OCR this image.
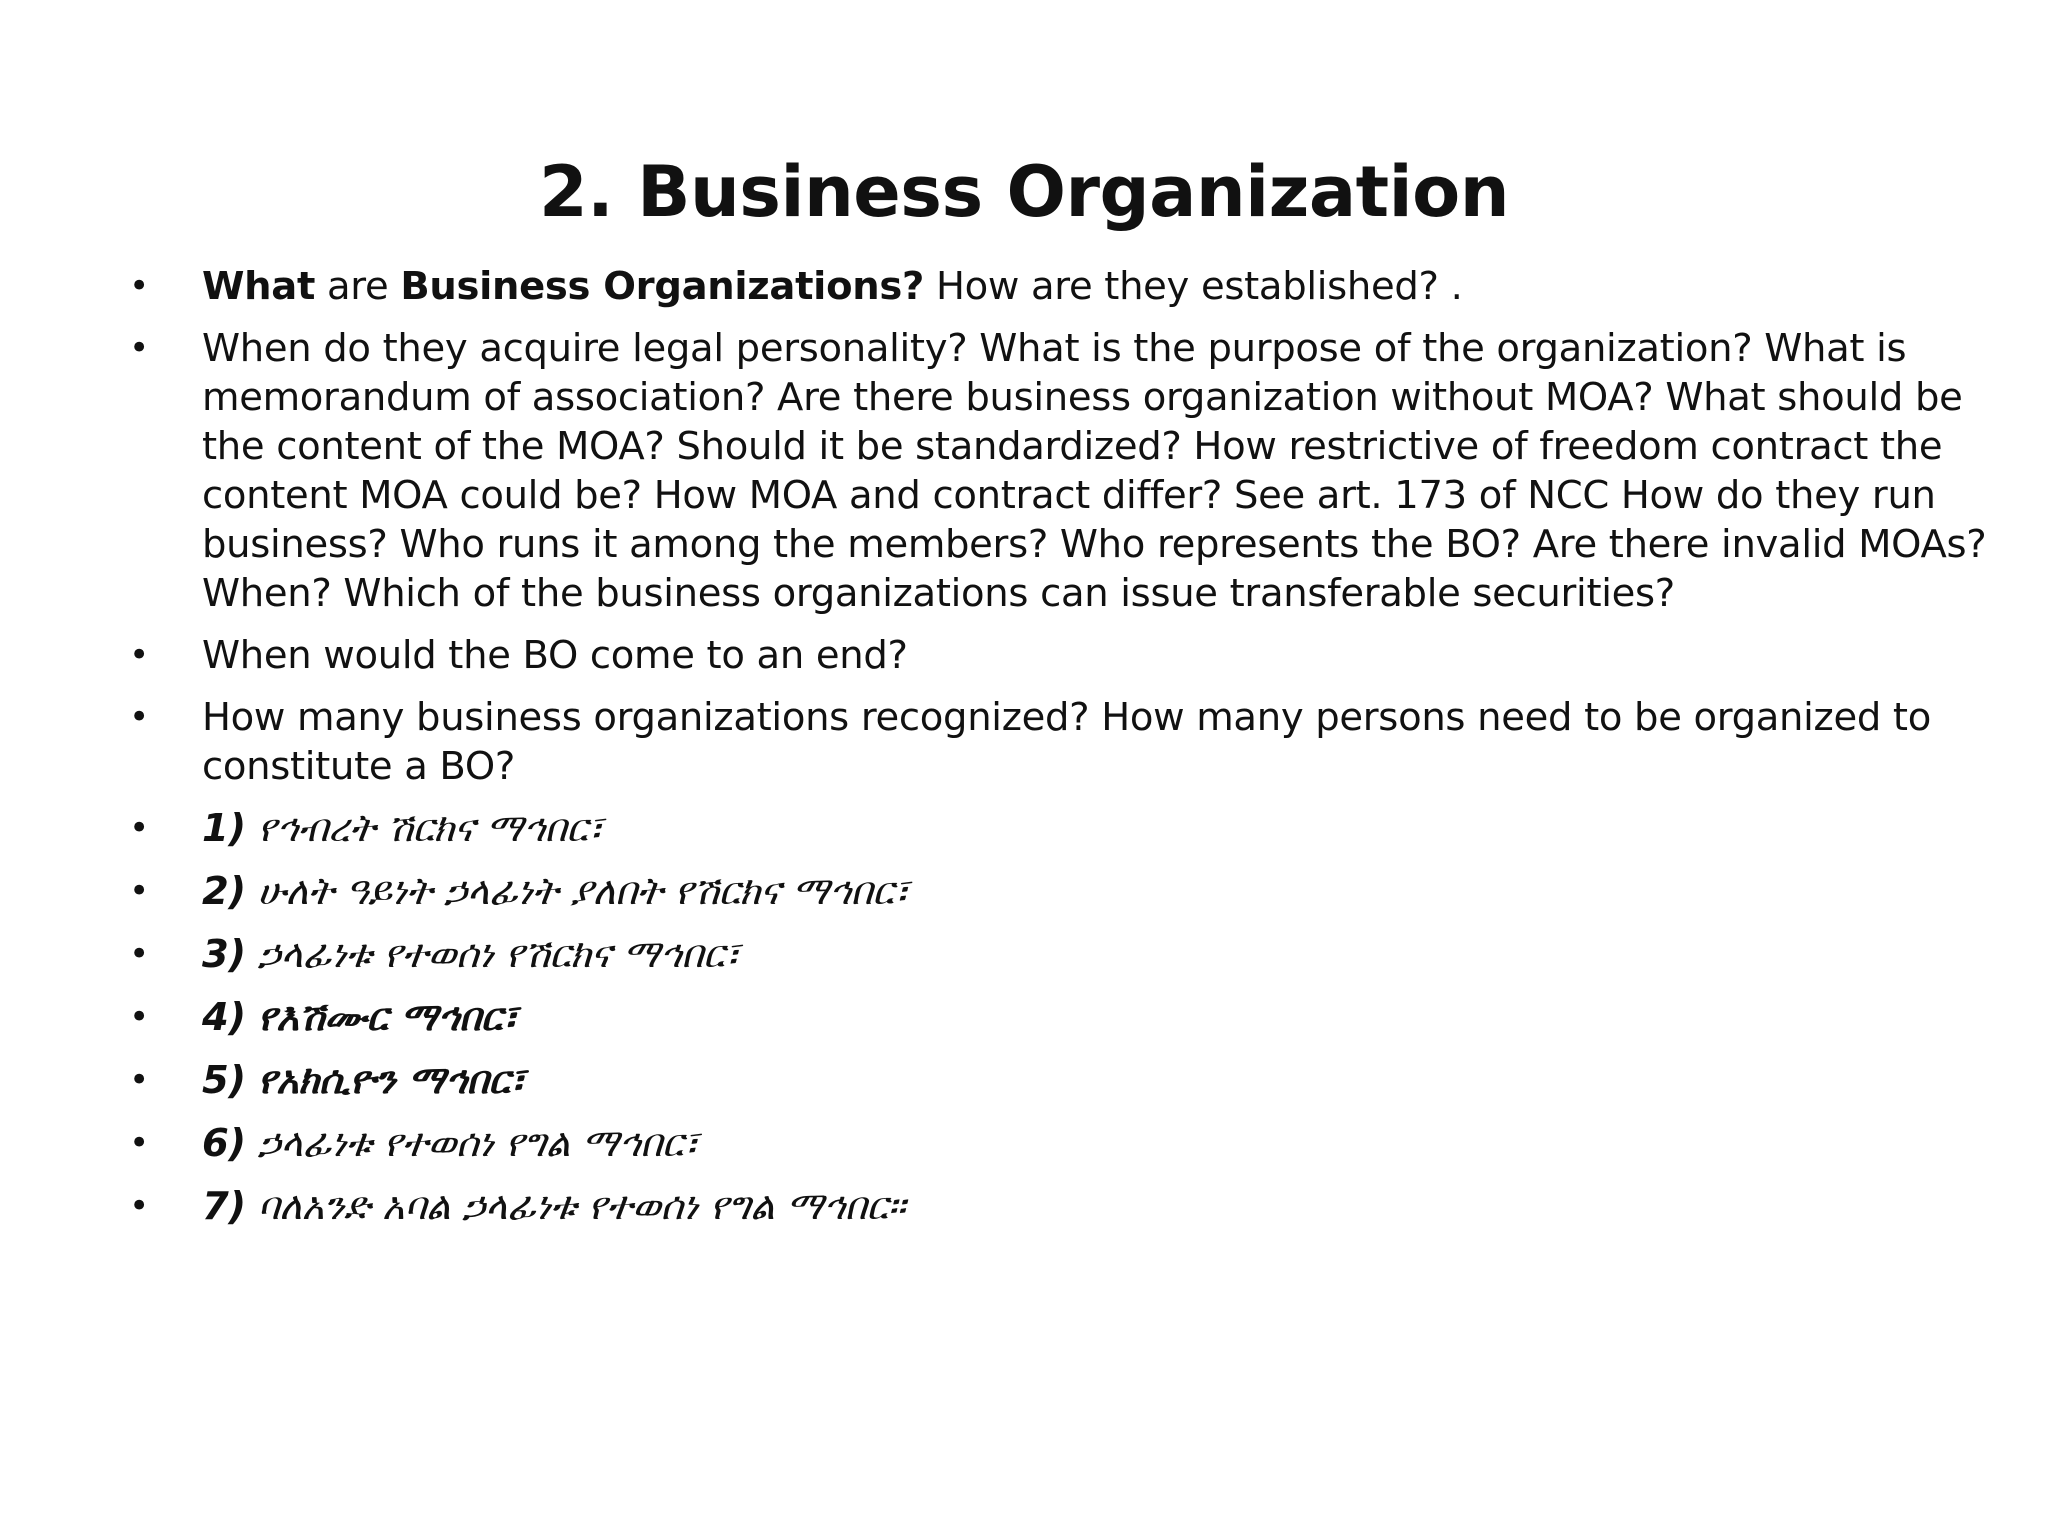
2. Business Organization
• What are Business Organizations? How are they established? .
• When do they acquire legal personality? What is the purpose of the organization? What is memorandum of association? Are there business organization without MOA? What should be the content of the MOA? Should it be standardized? How restrictive of freedom contract the content MOA could be? How MOA and contract differ? See art. 173 of NCC How do they run business? Who runs it among the members? Who represents the BO? Are there invalid MOAs? When? Which of the business organizations can issue transferable securities?
• When would the BO come to an end?
• How many business organizations recognized? How many persons need to be organized to constitute a BO?
• 1) የኅብረት ሽርክና ማኅበር፣
• 2) ሁለት ዓይነት ኃላፊነት ያለበት የሽርክና ማኅበር፣
• 3) ኃላፊነቱ የተወሰነ የሽርክና ማኅበር፣
• 4) የእሽሙር ማኅበር፣
• 5) የአክሲዮን ማኅበር፣
• 6) ኃላፊነቱ የተወሰነ የግል ማኅበር፣
• 7) ባለአንድ አባል ኃላፊነቱ የተወሰነ የግል ማኅበር፡፡
